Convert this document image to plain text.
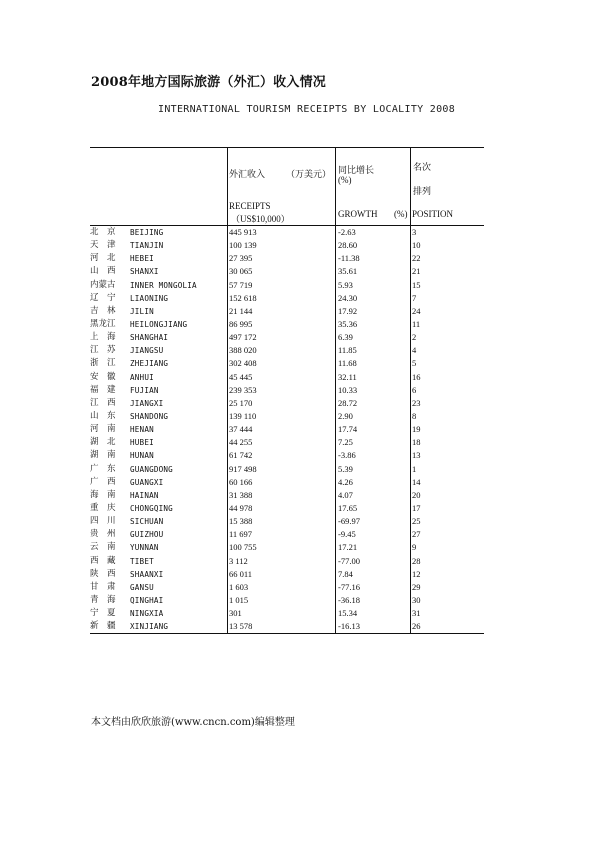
2008年地方国际旅游（外汇）收入情况
INTERNATIONAL TOURISM RECEIPTS BY LOCALITY 2008
外汇收入 （万美元）
RECEIPTS
（US$10,000）
同比增长
(%)
GROWTH (%)
名次
排列
POSITION
北　京	BEIJING	445 913	-2.63	3
天　津	TIANJIN	100 139	28.60	10
河　北	HEBEI	27 395	-11.38	22
山　西	SHANXI	30 065	35.61	21
内蒙古	INNER MONGOLIA	57 719	5.93	15
辽　宁	LIAONING	152 618	24.30	7
吉　林	JILIN	21 144	17.92	24
黑龙江	HEILONGJIANG	86 995	35.36	11
上　海	SHANGHAI	497 172	6.39	2
江　苏	JIANGSU	388 020	11.85	4
浙　江	ZHEJIANG	302 408	11.68	5
安　徽	ANHUI	45 445	32.11	16
福　建	FUJIAN	239 353	10.33	6
江　西	JIANGXI	25 170	28.72	23
山　东	SHANDONG	139 110	2.90	8
河　南	HENAN	37 444	17.74	19
湖　北	HUBEI	44 255	7.25	18
湖　南	HUNAN	61 742	-3.86	13
广　东	GUANGDONG	917 498	5.39	1
广　西	GUANGXI	60 166	4.26	14
海　南	HAINAN	31 388	4.07	20
重　庆	CHONGQING	44 978	17.65	17
四　川	SICHUAN	15 388	-69.97	25
贵　州	GUIZHOU	11 697	-9.45	27
云　南	YUNNAN	100 755	17.21	9
西　藏	TIBET	3 112	-77.00	28
陕　西	SHAANXI	66 011	7.84	12
甘　肃	GANSU	1 603	-77.16	29
青　海	QINGHAI	1 015	-36.18	30
宁　夏	NINGXIA	301	15.34	31
新　疆	XINJIANG	13 578	-16.13	26
本文档由欣欣旅游(www.cncn.com)编辑整理
